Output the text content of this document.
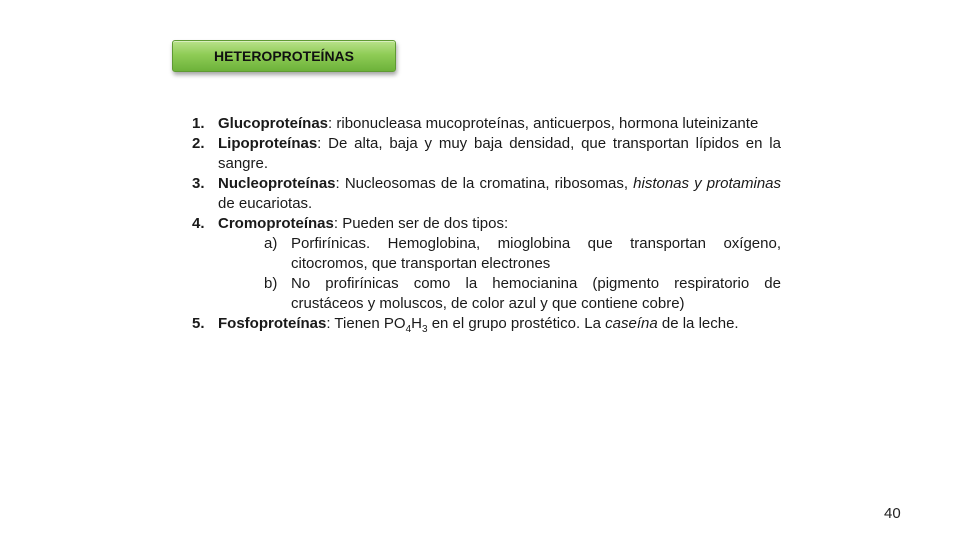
HETEROPROTEÍNAS
1. Glucoproteínas: ribonucleasa mucoproteínas, anticuerpos, hormona luteinizante
2. Lipoproteínas: De alta, baja y muy baja densidad, que transportan lípidos en la sangre.
3. Nucleoproteínas: Nucleosomas de la cromatina, ribosomas, histonas y protaminas de eucariotas.
4. Cromoproteínas: Pueden ser de dos tipos:
a) Porfirínicas. Hemoglobina, mioglobina que transportan oxígeno, citocromos, que transportan electrones
b) No profirínicas como la hemocianina (pigmento respiratorio de crustáceos y moluscos, de color azul y que contiene cobre)
5. Fosfoproteínas: Tienen $PO_4H_3$ en el grupo prostético. La caseína de la leche.
40
